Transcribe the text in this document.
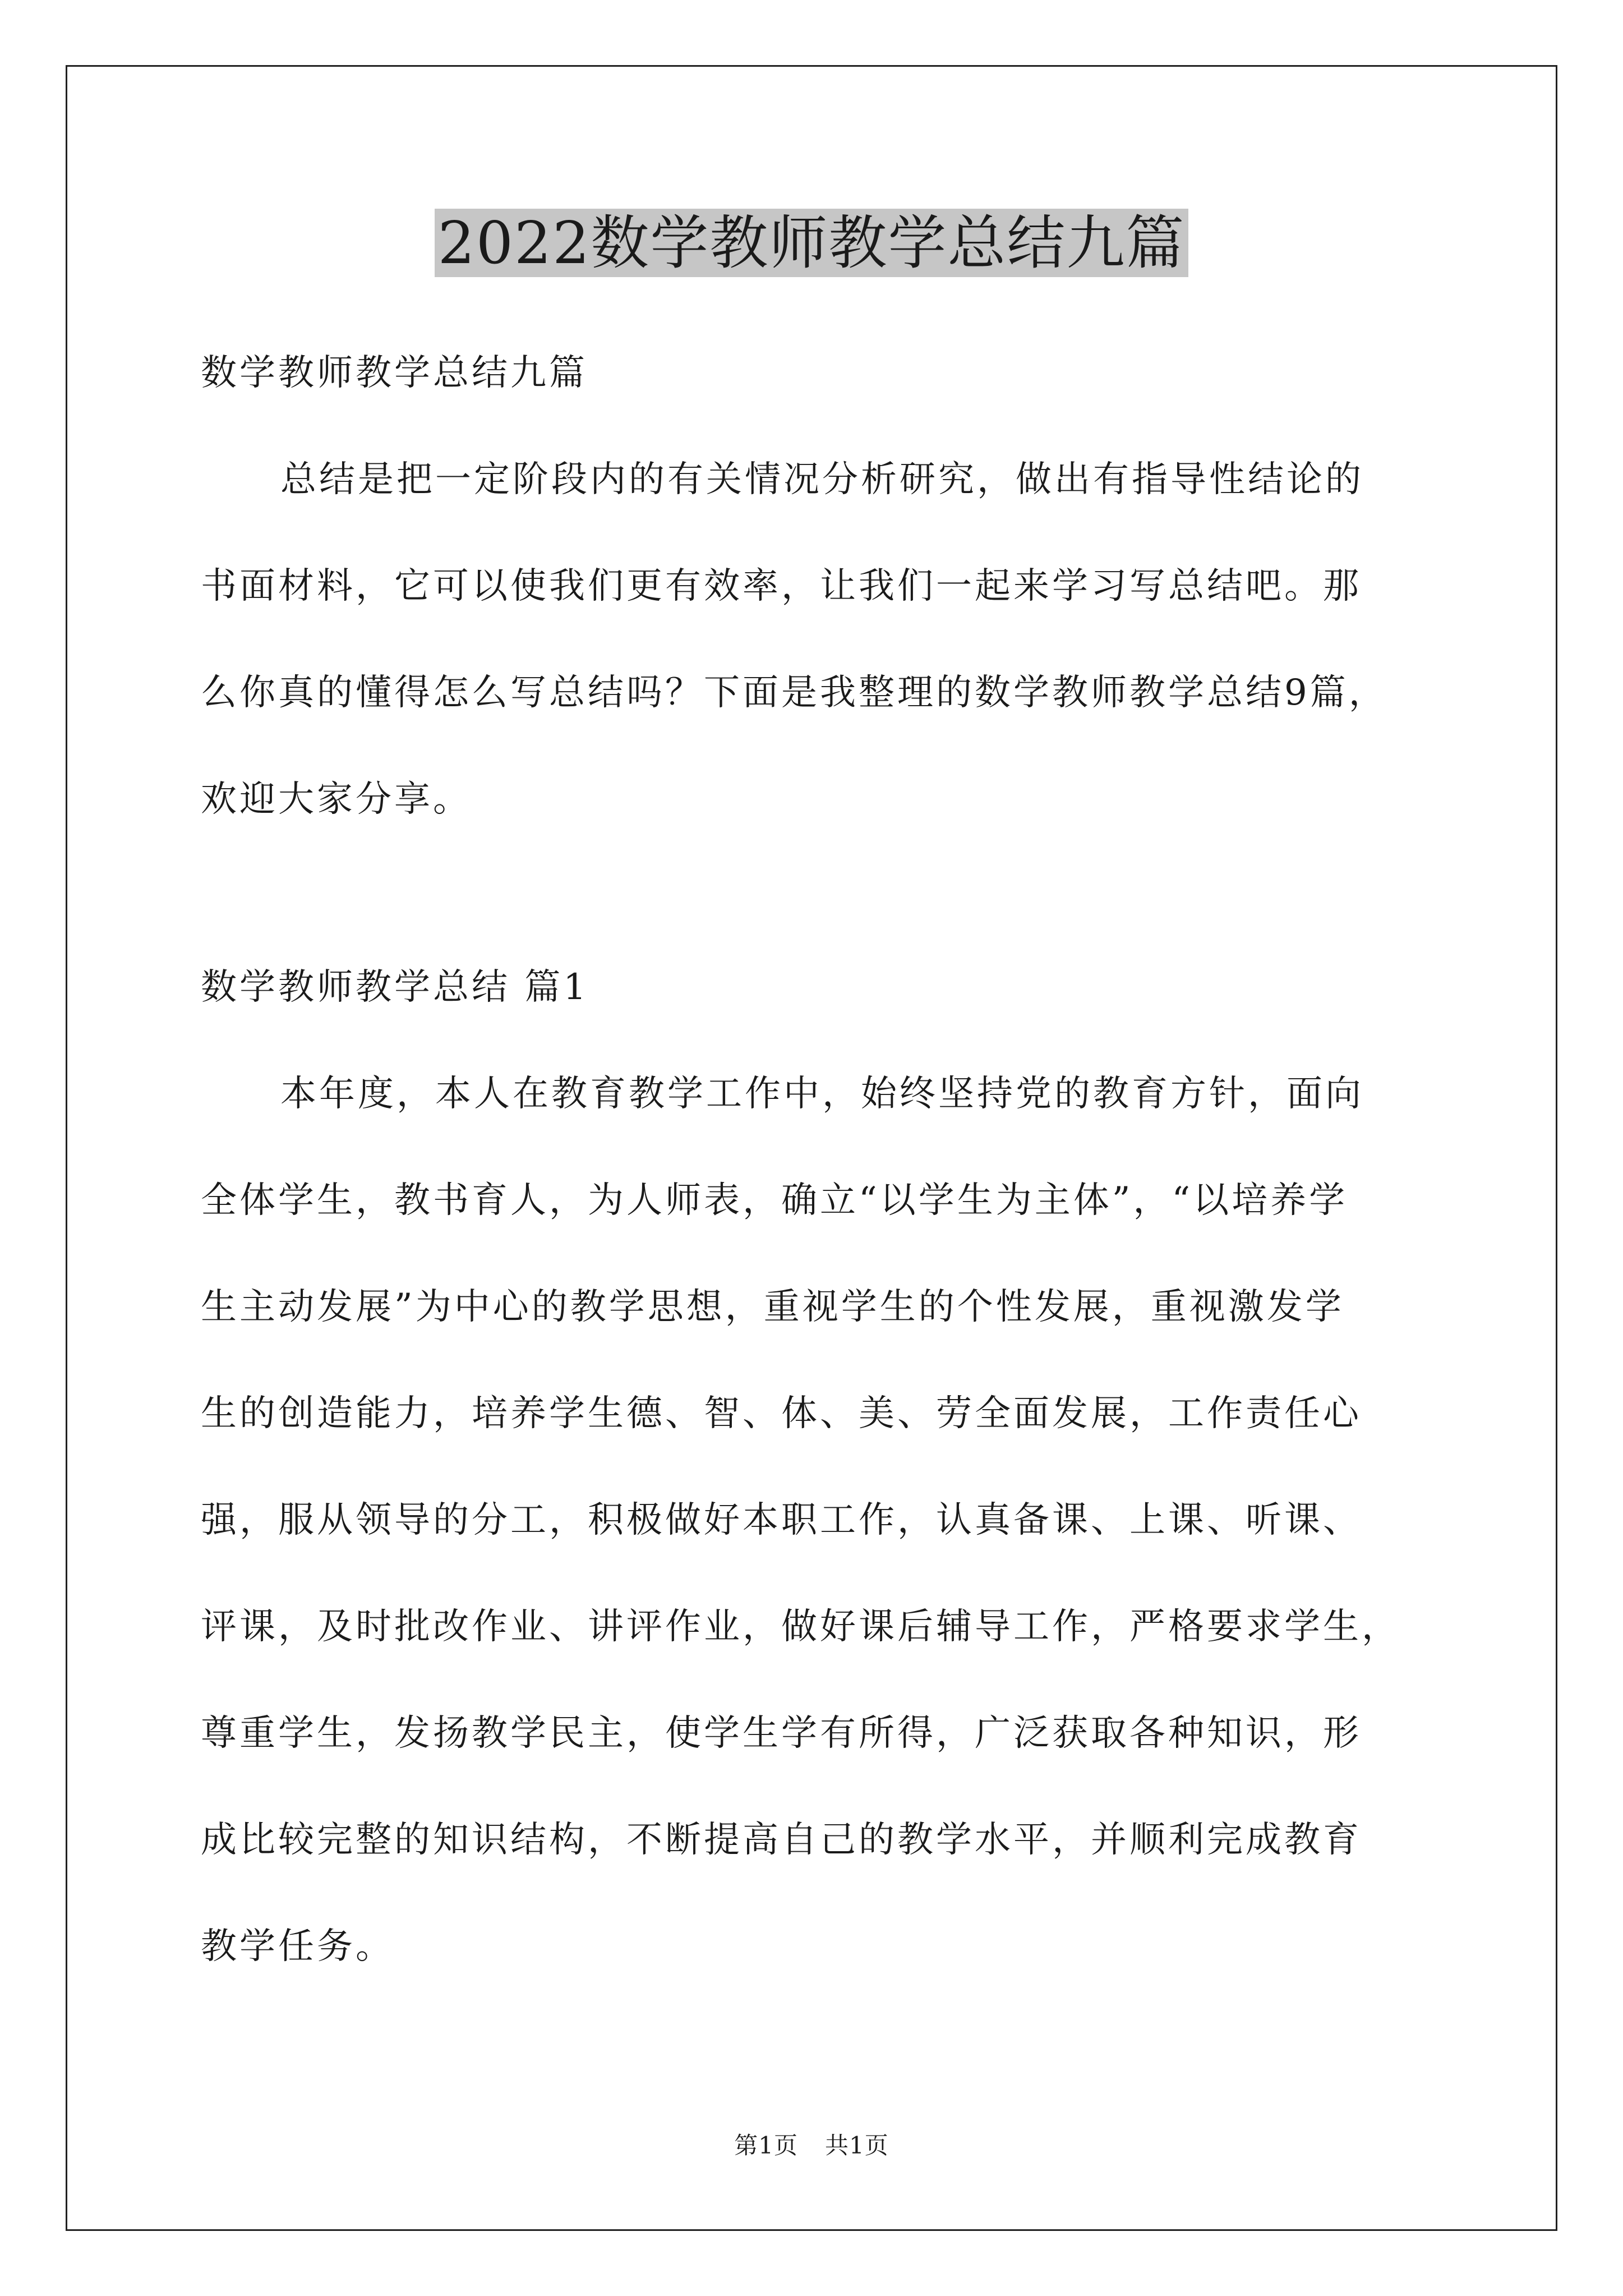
2022数学教师教学总结九篇
数学教师教学总结九篇
总结是把一定阶段内的有关情况分析研究，做出有指导性结论的
书面材料，它可以使我们更有效率，让我们一起来学习写总结吧。那
么你真的懂得怎么写总结吗？下面是我整理的数学教师教学总结9篇，
欢迎大家分享。
数学教师教学总结 篇1
本年度，本人在教育教学工作中，始终坚持党的教育方针，面向
全体学生，教书育人，为人师表，确立“以学生为主体”，“以培养学
生主动发展”为中心的教学思想，重视学生的个性发展，重视激发学
生的创造能力，培养学生德、智、体、美、劳全面发展，工作责任心
强，服从领导的分工，积极做好本职工作，认真备课、上课、听课、
评课，及时批改作业、讲评作业，做好课后辅导工作，严格要求学生，
尊重学生，发扬教学民主，使学生学有所得，广泛获取各种知识，形
成比较完整的知识结构，不断提高自己的教学水平，并顺利完成教育
教学任务。
第1页 共1页
